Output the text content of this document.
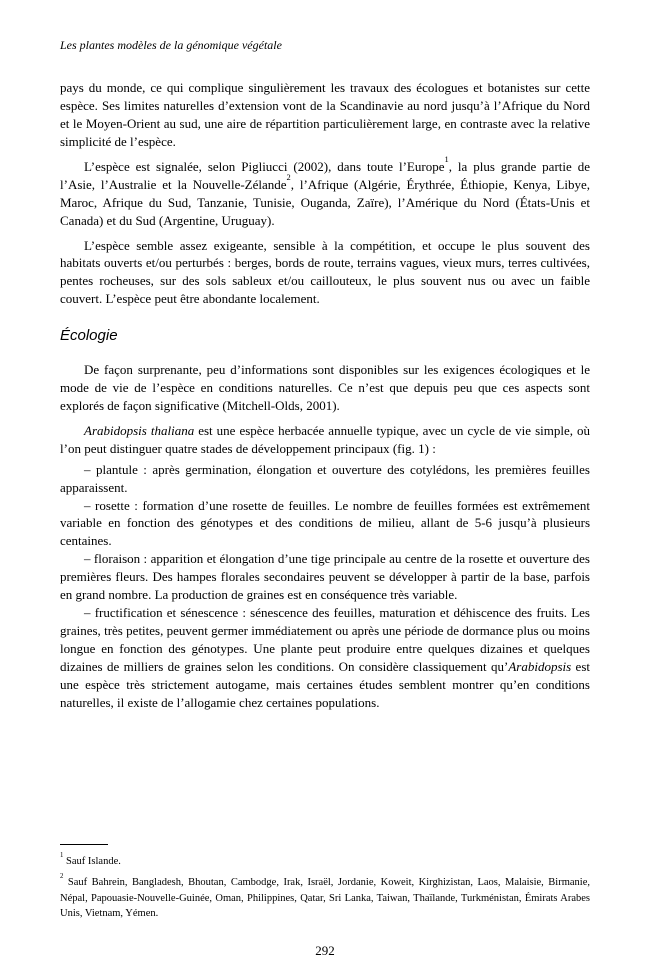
Les plantes modèles de la génomique végétale

pays du monde, ce qui complique singulièrement les travaux des écologues et botanistes sur cette espèce. Ses limites naturelles d’extension vont de la Scandinavie au nord jusqu’à l’Afrique du Nord et le Moyen-Orient au sud, une aire de répartition particulièrement large, en contraste avec la relative simplicité de l’espèce.

L’espèce est signalée, selon Pigliucci (2002), dans toute l’Europe$^1$, la plus grande partie de l’Asie, l’Australie et la Nouvelle-Zélande$^2$, l’Afrique (Algérie, Érythrée, Éthiopie, Kenya, Libye, Maroc, Afrique du Sud, Tanzanie, Tunisie, Ouganda, Zaïre), l’Amérique du Nord (États-Unis et Canada) et du Sud (Argentine, Uruguay).

L’espèce semble assez exigeante, sensible à la compétition, et occupe le plus souvent des habitats ouverts et/ou perturbés : berges, bords de route, terrains vagues, vieux murs, terres cultivées, pentes rocheuses, sur des sols sableux et/ou caillouteux, le plus souvent nus ou avec un faible couvert. L’espèce peut être abondante localement.

Écologie

De façon surprenante, peu d’informations sont disponibles sur les exigences écologiques et le mode de vie de l’espèce en conditions naturelles. Ce n’est que depuis peu que ces aspects sont explorés de façon significative (Mitchell-Olds, 2001).

Arabidopsis thaliana est une espèce herbacée annuelle typique, avec un cycle de vie simple, où l’on peut distinguer quatre stades de développement principaux (fig. 1) :

– plantule : après germination, élongation et ouverture des cotylédons, les premières feuilles apparaissent.

– rosette : formation d’une rosette de feuilles. Le nombre de feuilles formées est extrêmement variable en fonction des génotypes et des conditions de milieu, allant de 5-6 jusqu’à plusieurs centaines.

– floraison : apparition et élongation d’une tige principale au centre de la rosette et ouverture des premières fleurs. Des hampes florales secondaires peuvent se développer à partir de la base, parfois en grand nombre. La production de graines est en conséquence très variable.

– fructification et sénescence : sénescence des feuilles, maturation et déhiscence des fruits. Les graines, très petites, peuvent germer immédiatement ou après une période de dormance plus ou moins longue en fonction des génotypes. Une plante peut produire entre quelques dizaines et quelques dizaines de milliers de graines selon les conditions. On considère classiquement qu’Arabidopsis est une espèce très strictement autogame, mais certaines études semblent montrer qu’en conditions naturelles, il existe de l’allogamie chez certaines populations.

$^1$ Sauf Islande.

$^2$ Sauf Bahrein, Bangladesh, Bhoutan, Cambodge, Irak, Israël, Jordanie, Koweit, Kirghizistan, Laos, Malaisie, Birmanie, Népal, Papouasie-Nouvelle-Guinée, Oman, Philippines, Qatar, Sri Lanka, Taiwan, Thaïlande, Turkménistan, Émirats Arabes Unis, Vietnam, Yémen.

292
